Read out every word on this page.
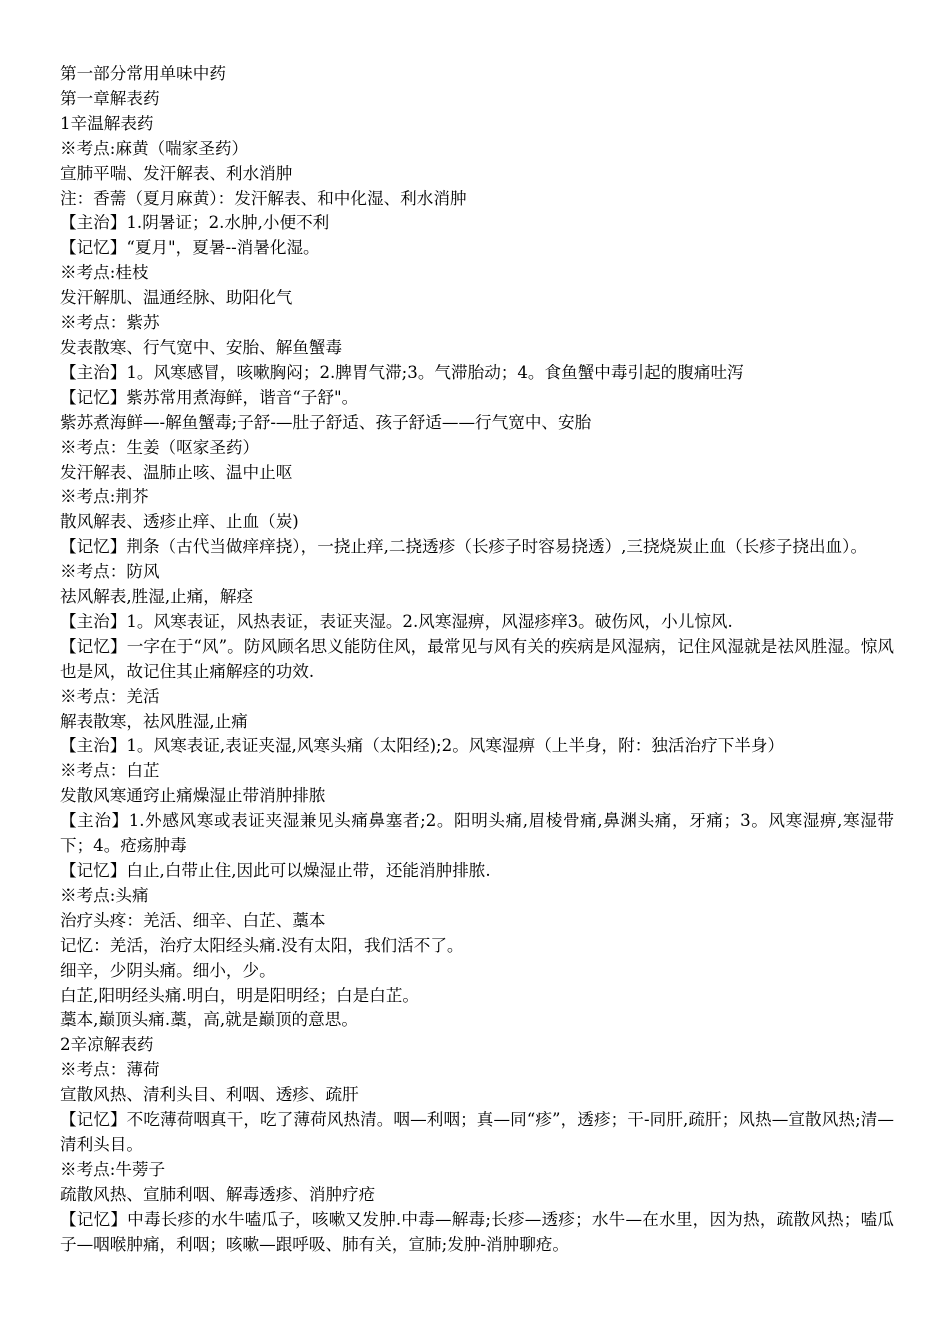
第一部分常用单味中药
第一章解表药
1辛温解表药
※考点:麻黄（喘家圣药）
宣肺平喘、发汗解表、利水消肿
注：香薷（夏月麻黄）：发汗解表、和中化湿、利水消肿
【主治】1.阴暑证；2.水肿,小便不利
【记忆】“夏月"，夏暑--消暑化湿。
※考点:桂枝
发汗解肌、温通经脉、助阳化气
※考点：紫苏
发表散寒、行气宽中、安胎、解鱼蟹毒
【主治】1。风寒感冒，咳嗽胸闷；2.脾胃气滞;3。气滞胎动；4。食鱼蟹中毒引起的腹痛吐泻
【记忆】紫苏常用煮海鲜，谐音“子舒"。
紫苏煮海鲜—-解鱼蟹毒;子舒-—肚子舒适、孩子舒适——行气宽中、安胎
※考点：生姜（呕家圣药）
发汗解表、温肺止咳、温中止呕
※考点:荆芥
散风解表、透疹止痒、止血（炭)
【记忆】荆条（古代当做痒痒挠），一挠止痒,二挠透疹（长疹子时容易挠透）,三挠烧炭止血（长疹子挠出血）。
※考点：防风
祛风解表,胜湿,止痛，解痉
【主治】1。风寒表证，风热表证，表证夹湿。2.风寒湿痹，风湿疹痒3。破伤风，小儿惊风.
【记忆】一字在于“风”。防风顾名思义能防住风，最常见与风有关的疾病是风湿病，记住风湿就是祛风胜湿。惊风也是风，故记住其止痛解痉的功效.
※考点：羌活
解表散寒，祛风胜湿,止痛
【主治】1。风寒表证,表证夹湿,风寒头痛（太阳经);2。风寒湿痹（上半身，附：独活治疗下半身）
※考点：白芷
发散风寒通窍止痛燥湿止带消肿排脓
【主治】1.外感风寒或表证夹湿兼见头痛鼻塞者;2。阳明头痛,眉棱骨痛,鼻渊头痛，牙痛；3。风寒湿痹,寒湿带下；4。疮疡肿毒
【记忆】白止,白带止住,因此可以燥湿止带，还能消肿排脓.
※考点:头痛
治疗头疼：羌活、细辛、白芷、藁本
记忆：羌活，治疗太阳经头痛.没有太阳，我们活不了。
细辛，少阴头痛。细小，少。
白芷,阳明经头痛.明白，明是阳明经；白是白芷。
藁本,巅顶头痛.藁，高,就是巅顶的意思。
2辛凉解表药
※考点：薄荷
宣散风热、清利头目、利咽、透疹、疏肝
【记忆】不吃薄荷咽真干，吃了薄荷风热清。咽—利咽；真—同“疹”，透疹；干-同肝,疏肝；风热—宣散风热;清—清利头目。
※考点:牛蒡子
疏散风热、宣肺利咽、解毒透疹、消肿疗疮
【记忆】中毒长疹的水牛嗑瓜子，咳嗽又发肿.中毒—解毒;长疹—透疹；水牛—在水里，因为热，疏散风热；嗑瓜子—咽喉肿痛，利咽；咳嗽—跟呼吸、肺有关，宣肺;发肿-消肿聊疮。
